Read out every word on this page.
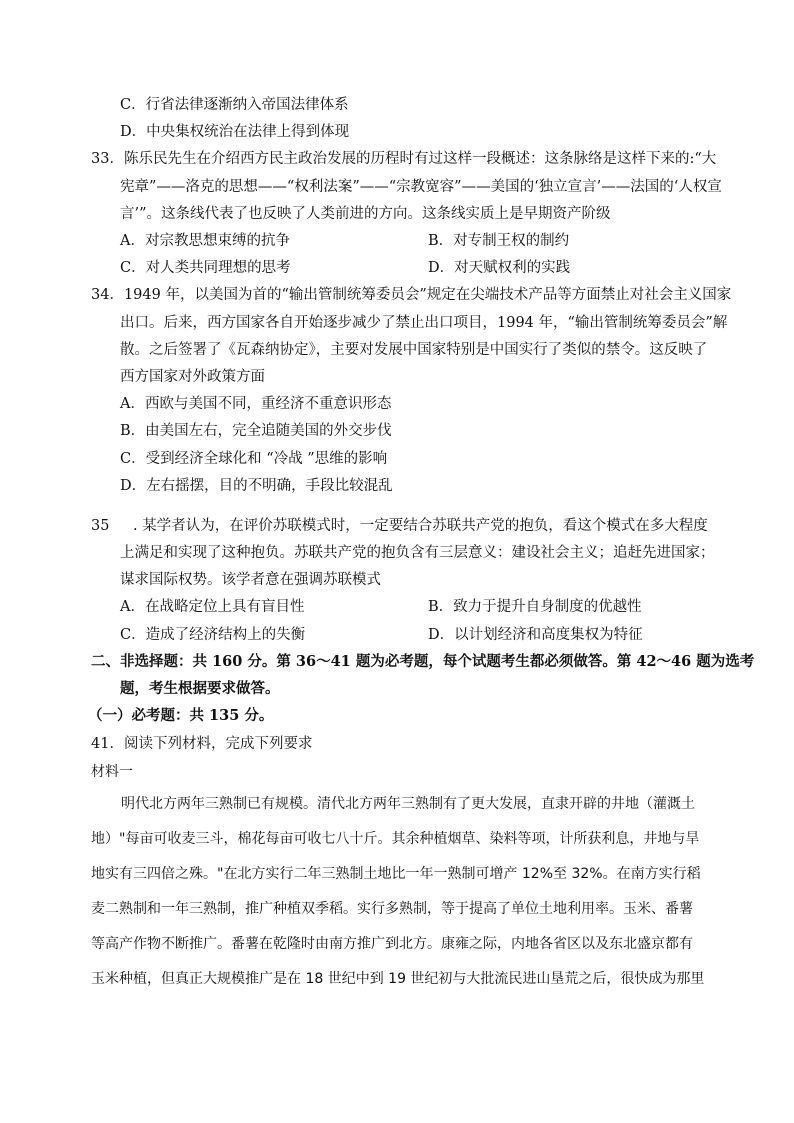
C．行省法律逐渐纳入帝国法律体系
D．中央集权统治在法律上得到体现
33．陈乐民先生在介绍西方民主政治发展的历程时有过这样一段概述：这条脉络是这样下来的:“大
宪章”——洛克的思想——“权利法案”——“宗教宽容”——美国的‘独立宣言’——法国的‘人权宣
言’”。这条线代表了也反映了人类前进的方向。这条线实质上是早期资产阶级
A．对宗教思想束缚的抗争	B．对专制王权的制约
C．对人类共同理想的思考	D．对天赋权利的实践
34．1949 年，以美国为首的“输出管制统筹委员会”规定在尖端技术产品等方面禁止对社会主义国家
出口。后来，西方国家各自开始逐步减少了禁止出口项目，1994 年，“输出管制统筹委员会”解
散。之后签署了《瓦森纳协定》，主要对发展中国家特别是中国实行了类似的禁令。这反映了
西方国家对外政策方面
A．西欧与美国不同，重经济不重意识形态
B．由美国左右，完全追随美国的外交步伐
C．受到经济全球化和 “冷战 ”思维的影响
D．左右摇摆，目的不明确，手段比较混乱
35 . 某学者认为，在评价苏联模式时，一定要结合苏联共产党的抱负，看这个模式在多大程度
上满足和实现了这种抱负。苏联共产党的抱负含有三层意义：建设社会主义；追赶先进国家；
谋求国际权势。该学者意在强调苏联模式
A．在战略定位上具有盲目性	B．致力于提升自身制度的优越性
C．造成了经济结构上的失衡	D．以计划经济和高度集权为特征
二、非选择题：共 160 分。第 36～41 题为必考题，每个试题考生都必须做答。第 42～46 题为选考
题，考生根据要求做答。
（一）必考题：共 135 分。
41．阅读下列材料，完成下列要求
材料一
明代北方两年三熟制已有规模。清代北方两年三熟制有了更大发展，直隶开辟的井地（灌溉土
地）"每亩可收麦三斗，棉花每亩可收七八十斤。其余种植烟草、染料等项，计所获利息，井地与旱
地实有三四倍之殊。"在北方实行二年三熟制土地比一年一熟制可增产 12%至 32%。在南方实行稻
麦二熟制和一年三熟制，推广种植双季稻。实行多熟制，等于提高了单位土地利用率。玉米、番薯
等高产作物不断推广。番薯在乾隆时由南方推广到北方。康雍之际，内地各省区以及东北盛京都有
玉米种植，但真正大规模推广是在 18 世纪中到 19 世纪初与大批流民进山垦荒之后，很快成为那里
